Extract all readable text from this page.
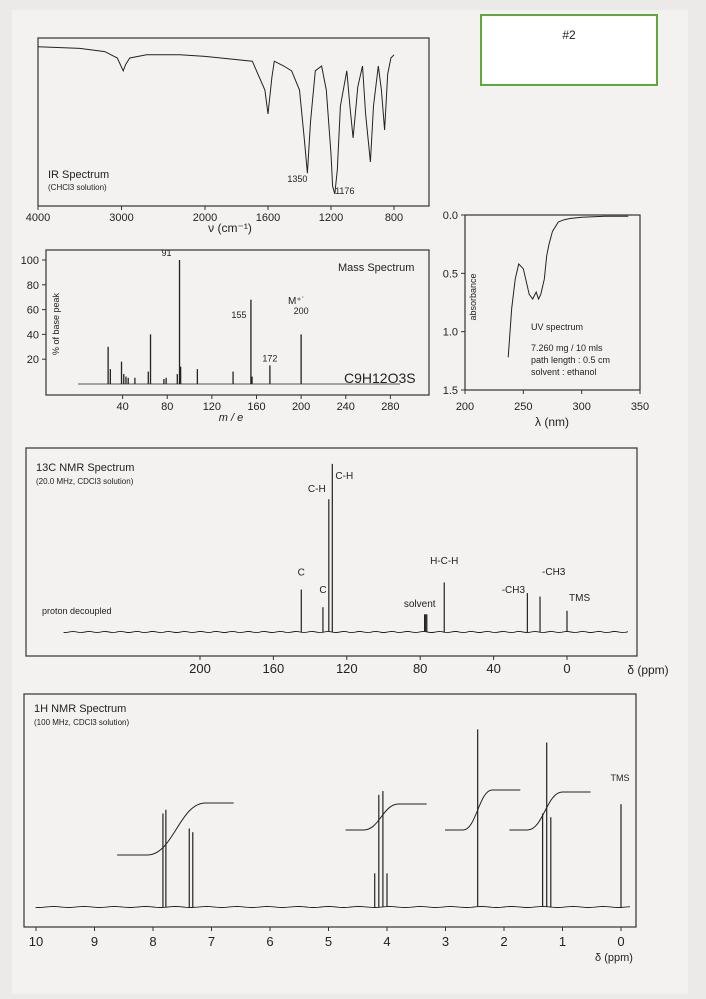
#2
4000	3000	2000	1600	1200	800
1350
1176
IR Spectrum
(CHCl3 solution)
ν (cm⁻¹)
40	80	120 160 200 240 280
20
40
60
80
100
91
155
172
200
Mass Spectrum
C9H12O3S
M⁺˙
% of base peak
m / e
200	250	300	350
0.0
0.5
1.0
1.5
absorbance
UV spectrum
7.260 mg / 10 mls
path length : 0.5 cm
solvent : ethanol
λ (nm)
C
C
C-H
C-H
solvent
H-C-H
-CH3
-CH3
TMS
200	160	120	80	40	0
13C NMR Spectrum
(20.0 MHz, CDCl3 solution)
proton decoupled
δ (ppm)
10	9	8	7	6	5	4	3	2	1	0
1H NMR Spectrum
(100 MHz, CDCl3 solution)
TMS
δ (ppm)
